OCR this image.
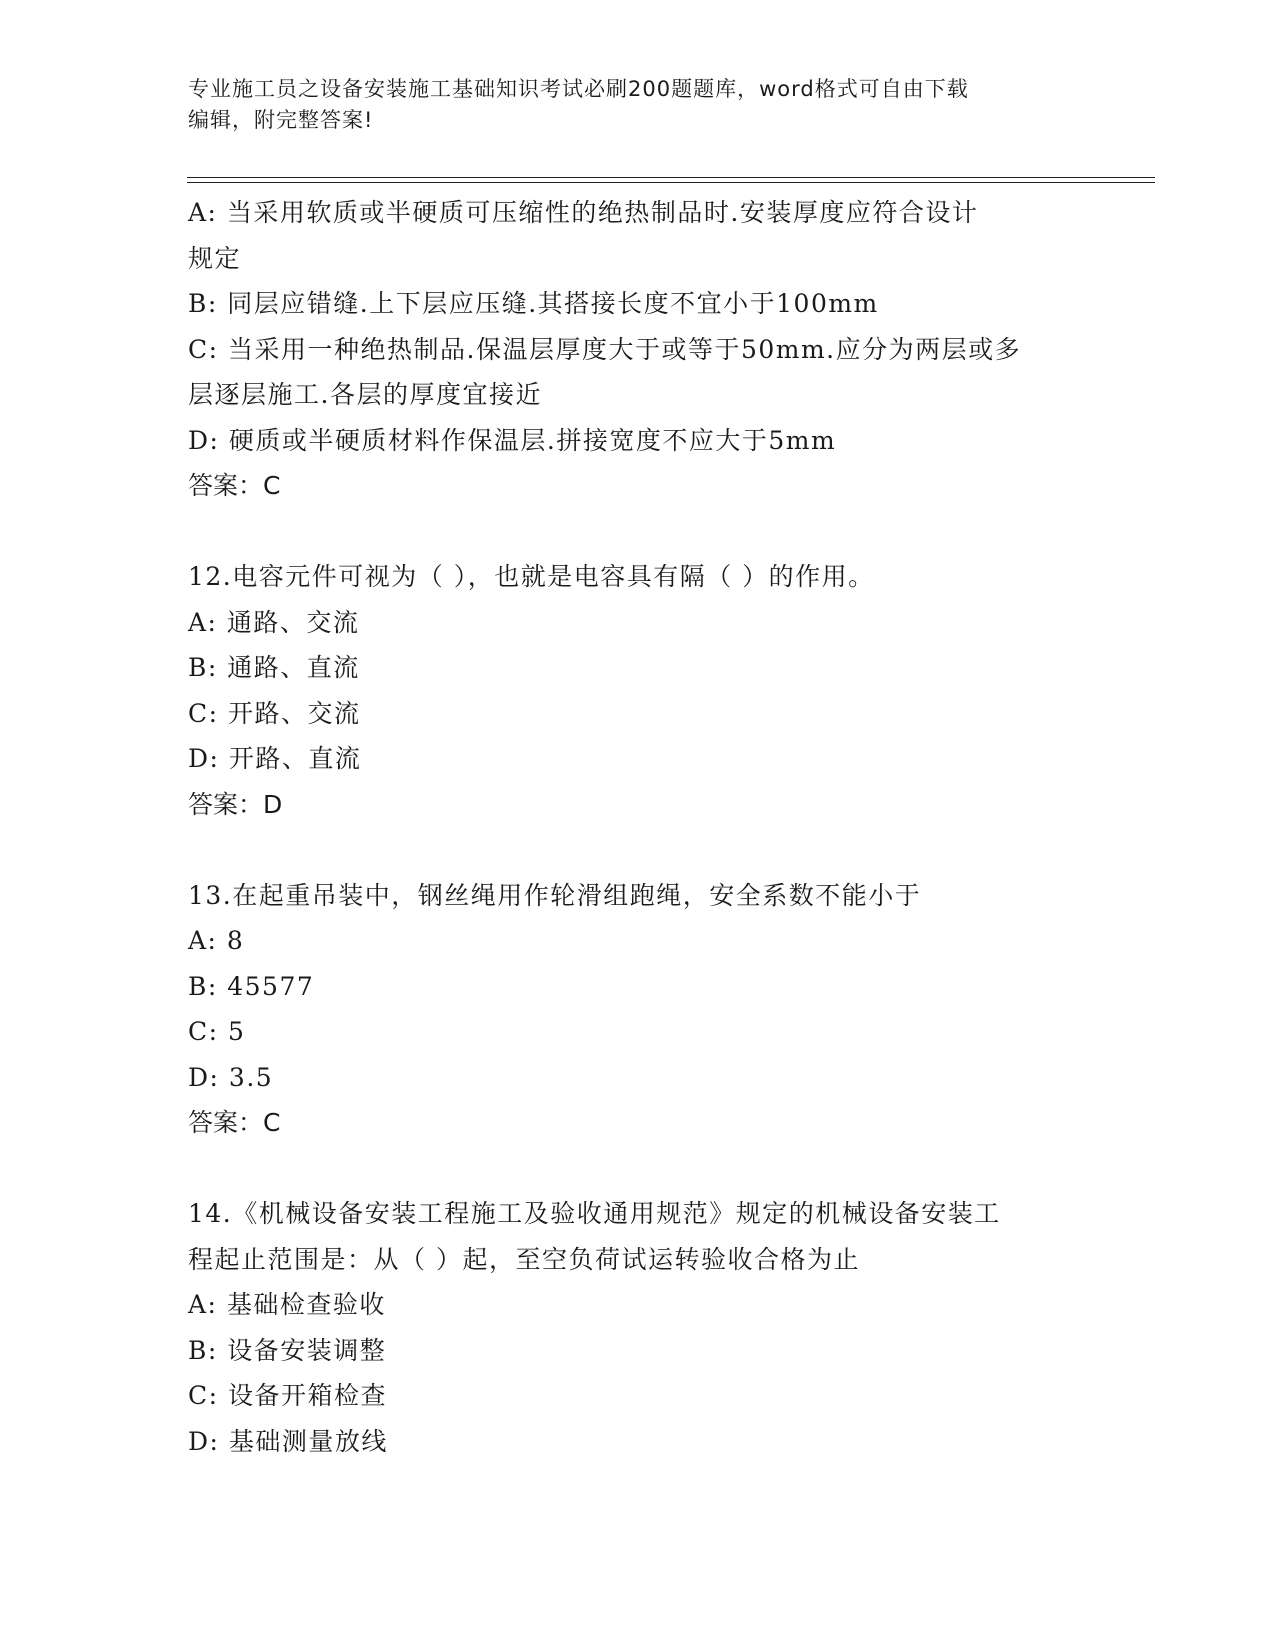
专业施工员之设备安装施工基础知识考试必刷200题题库，word格式可自由下载
编辑，附完整答案!
A: 当采用软质或半硬质可压缩性的绝热制品时.安装厚度应符合设计
规定
B: 同层应错缝.上下层应压缝.其搭接长度不宜小于100mm
C: 当采用一种绝热制品.保温层厚度大于或等于50mm.应分为两层或多
层逐层施工.各层的厚度宜接近
D: 硬质或半硬质材料作保温层.拼接宽度不应大于5mm
答案：C
12.电容元件可视为（ ），也就是电容具有隔（ ）的作用。
A: 通路、交流
B: 通路、直流
C: 开路、交流
D: 开路、直流
答案：D
13.在起重吊装中，钢丝绳用作轮滑组跑绳，安全系数不能小于
A: 8
B: 45577
C: 5
D: 3.5
答案：C
14.《机械设备安装工程施工及验收通用规范》规定的机械设备安装工
程起止范围是：从（ ）起，至空负荷试运转验收合格为止
A: 基础检查验收
B: 设备安装调整
C: 设备开箱检查
D: 基础测量放线
